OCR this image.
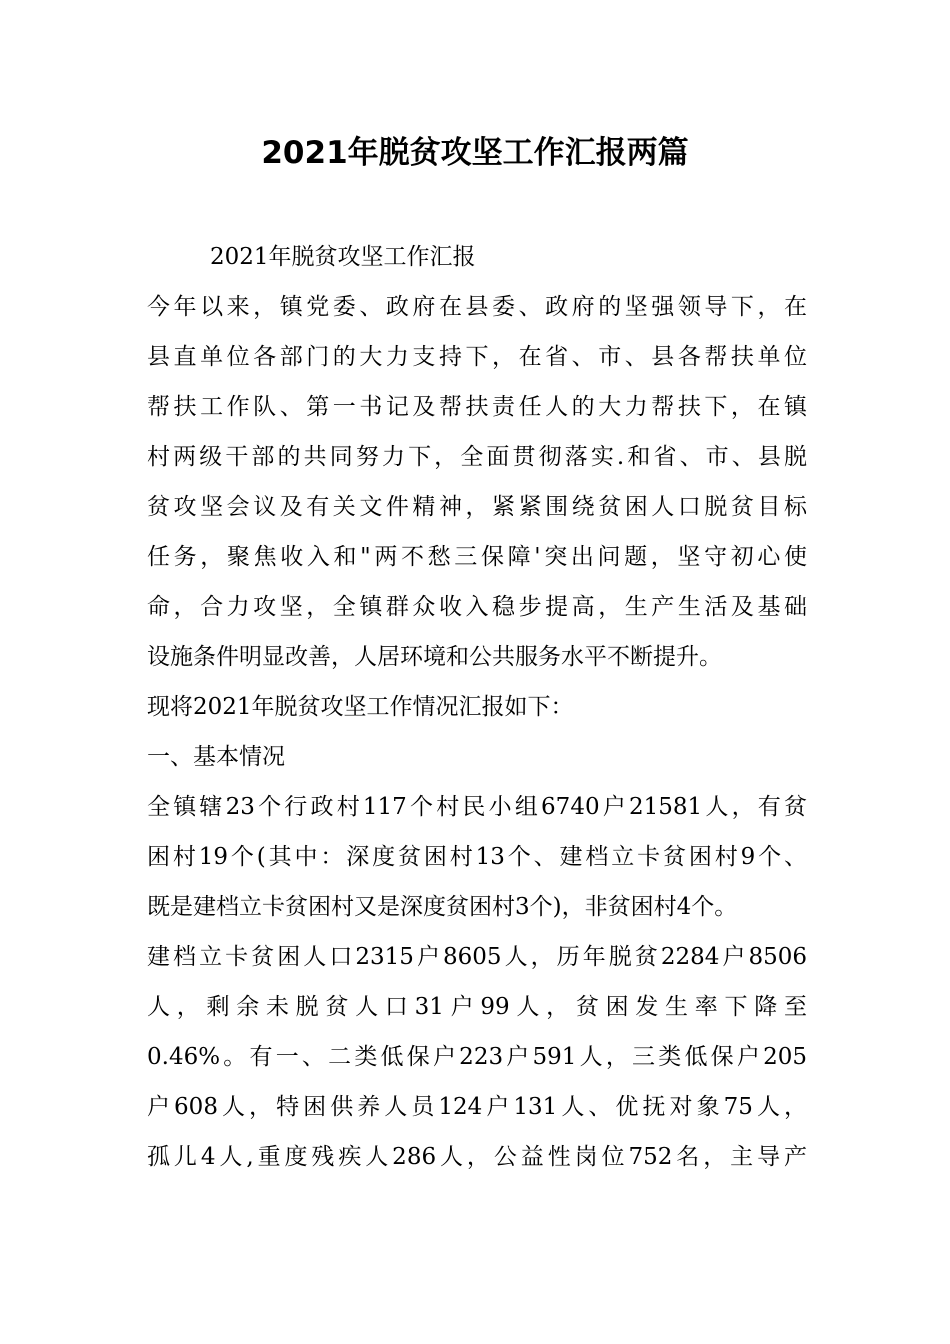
2021年脱贫攻坚工作汇报两篇
2021年脱贫攻坚工作汇报
今年以来，镇党委、政府在县委、政府的坚强领导下，在
县直单位各部门的大力支持下，在省、市、县各帮扶单位
帮扶工作队、第一书记及帮扶责任人的大力帮扶下，在镇
村两级干部的共同努力下，全面贯彻落实.和省、市、县脱
贫攻坚会议及有关文件精神，紧紧围绕贫困人口脱贫目标
任务，聚焦收入和"两不愁三保障'突出问题，坚守初心使
命，合力攻坚，全镇群众收入稳步提高，生产生活及基础
设施条件明显改善，人居环境和公共服务水平不断提升。
现将2021年脱贫攻坚工作情况汇报如下：
一、基本情况
全镇辖23个行政村117个村民小组6740户21581人，有贫
困村19个(其中：深度贫困村13个、建档立卡贫困村9个、
既是建档立卡贫困村又是深度贫困村3个)，非贫困村4个。
建档立卡贫困人口2315户8605人，历年脱贫2284户8506
人，剩余未脱贫人口31户99人，贫困发生率下降至
0.46%。有一、二类低保户223户591人，三类低保户205
户608人，特困供养人员124户131人、优抚对象75人，
孤儿4人,重度残疾人286人，公益性岗位752名，主导产
